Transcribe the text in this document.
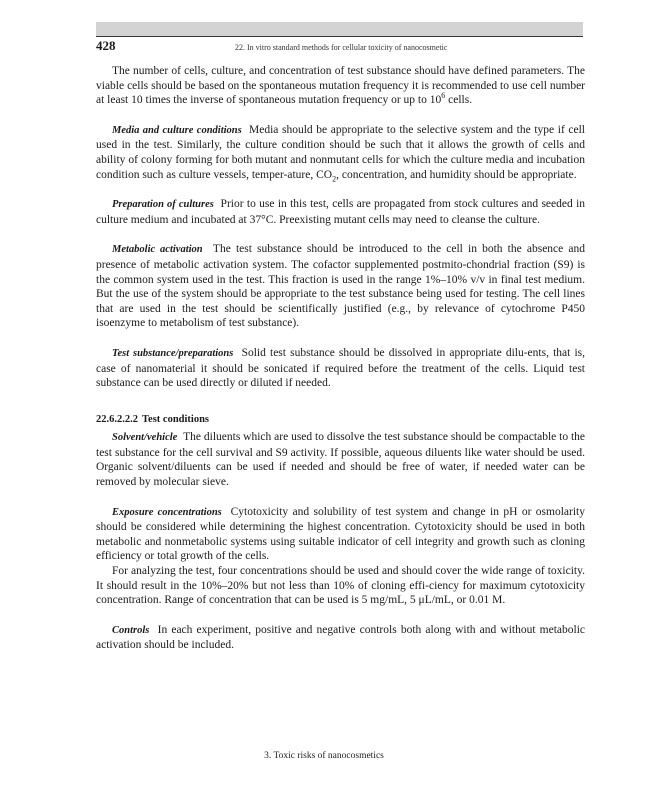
428	22. In vitro standard methods for cellular toxicity of nanocosmetic

The number of cells, culture, and concentration of test substance should have defined parameters. The viable cells should be based on the spontaneous mutation frequency it is recommended to use cell number at least 10 times the inverse of spontaneous mutation frequency or up to $10^6$ cells.

Media and culture conditions Media should be appropriate to the selective system and the type if cell used in the test. Similarly, the culture condition should be such that it allows the growth of cells and ability of colony forming for both mutant and nonmutant cells for which the culture media and incubation condition such as culture vessels, temper-ature, $CO_2$, concentration, and humidity should be appropriate.

Preparation of cultures Prior to use in this test, cells are propagated from stock cultures and seeded in culture medium and incubated at 37°C. Preexisting mutant cells may need to cleanse the culture.

Metabolic activation The test substance should be introduced to the cell in both the absence and presence of metabolic activation system. The cofactor supplemented postmito-chondrial fraction (S9) is the common system used in the test. This fraction is used in the range 1%–10% v/v in final test medium. But the use of the system should be appropriate to the test substance being used for testing. The cell lines that are used in the test should be scientifically justified (e.g., by relevance of cytochrome P450 isoenzyme to metabolism of test substance).

Test substance/preparations Solid test substance should be dissolved in appropriate dilu-ents, that is, case of nanomaterial it should be sonicated if required before the treatment of the cells. Liquid test substance can be used directly or diluted if needed.

22.6.2.2.2 Test conditions

Solvent/vehicle The diluents which are used to dissolve the test substance should be compactable to the test substance for the cell survival and S9 activity. If possible, aqueous diluents like water should be used. Organic solvent/diluents can be used if needed and should be free of water, if needed water can be removed by molecular sieve.

Exposure concentrations Cytotoxicity and solubility of test system and change in pH or osmolarity should be considered while determining the highest concentration. Cytotoxicity should be used in both metabolic and nonmetabolic systems using suitable indicator of cell integrity and growth such as cloning efficiency or total growth of the cells.

For analyzing the test, four concentrations should be used and should cover the wide range of toxicity. It should result in the 10%–20% but not less than 10% of cloning effi-ciency for maximum cytotoxicity concentration. Range of concentration that can be used is 5 mg/mL, 5 μL/mL, or 0.01 M.

Controls In each experiment, positive and negative controls both along with and without metabolic activation should be included.

3. Toxic risks of nanocosmetics
